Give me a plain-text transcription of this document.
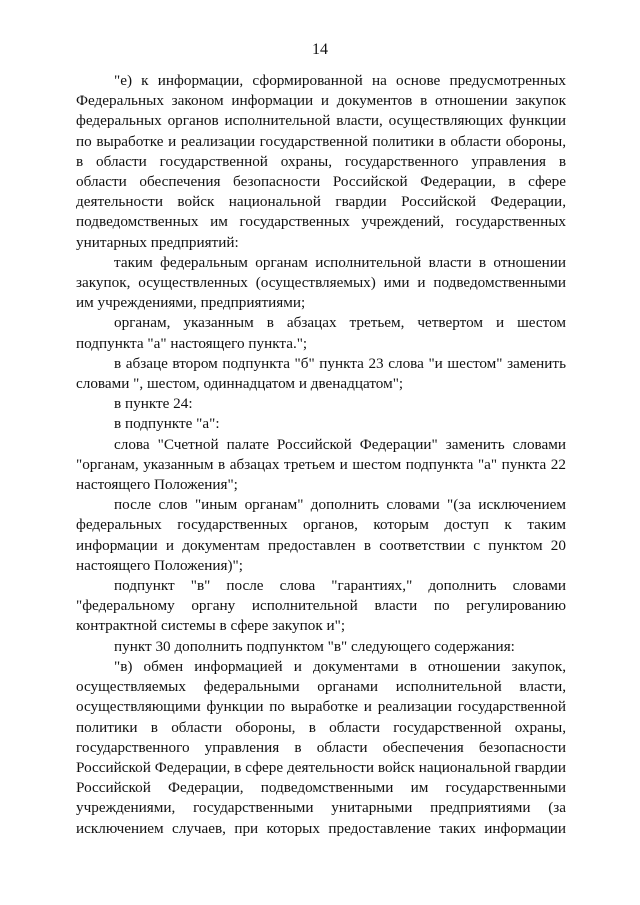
14

"е) к информации, сформированной на основе предусмотренных Федеральных законом информации и документов в отношении закупок федеральных органов исполнительной власти, осуществляющих функции по выработке и реализации государственной политики в области обороны, в области государственной охраны, государственного управления в области обеспечения безопасности Российской Федерации, в сфере деятельности войск национальной гвардии Российской Федерации, подведомственных им государственных учреждений, государственных унитарных предприятий:

таким федеральным органам исполнительной власти в отношении закупок, осуществленных (осуществляемых) ими и подведомственными им учреждениями, предприятиями;

органам, указанным в абзацах третьем, четвертом и шестом подпункта "а" настоящего пункта.";

в абзаце втором подпункта "б" пункта 23 слова "и шестом" заменить словами ", шестом, одиннадцатом и двенадцатом";

в пункте 24:

в подпункте "а":

слова "Счетной палате Российской Федерации" заменить словами "органам, указанным в абзацах третьем и шестом подпункта "а" пункта 22 настоящего Положения";

после слов "иным органам" дополнить словами "(за исключением федеральных государственных органов, которым доступ к таким информации и документам предоставлен в соответствии с пунктом 20 настоящего Положения)";

подпункт "в" после слова "гарантиях," дополнить словами "федеральному органу исполнительной власти по регулированию контрактной системы в сфере закупок и";

пункт 30 дополнить подпунктом "в" следующего содержания:

"в) обмен информацией и документами в отношении закупок, осуществляемых федеральными органами исполнительной власти, осуществляющими функции по выработке и реализации государственной политики в области обороны, в области государственной охраны, государственного управления в области обеспечения безопасности Российской Федерации, в сфере деятельности войск национальной гвардии Российской Федерации, подведомственными им государственными учреждениями, государственными унитарными предприятиями (за исключением случаев, при которых предоставление таких информации
